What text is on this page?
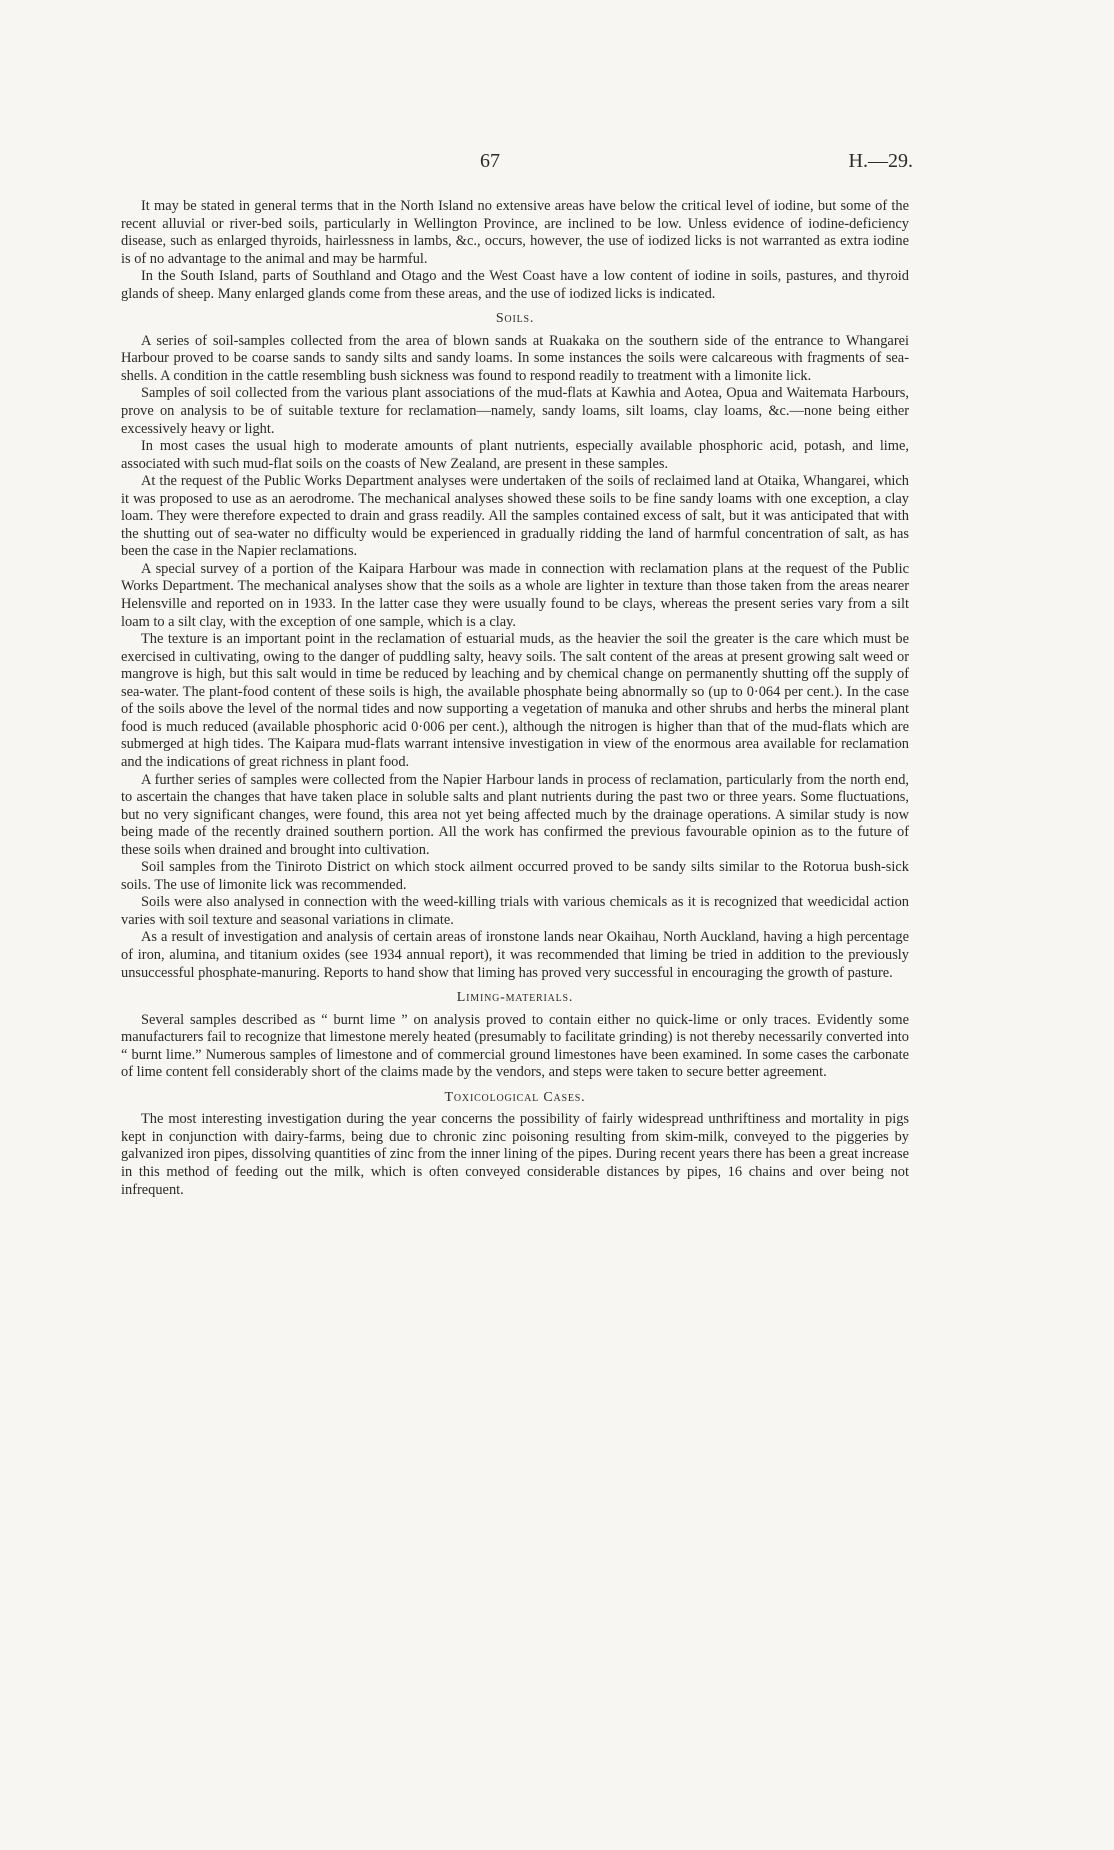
67	H.—29.

It may be stated in general terms that in the North Island no extensive areas have below the critical level of iodine, but some of the recent alluvial or river-bed soils, particularly in Wellington Province, are inclined to be low. Unless evidence of iodine-deficiency disease, such as enlarged thyroids, hairlessness in lambs, &c., occurs, however, the use of iodized licks is not warranted as extra iodine is of no advantage to the animal and may be harmful.

In the South Island, parts of Southland and Otago and the West Coast have a low content of iodine in soils, pastures, and thyroid glands of sheep. Many enlarged glands come from these areas, and the use of iodized licks is indicated.

Soils.

A series of soil-samples collected from the area of blown sands at Ruakaka on the southern side of the entrance to Whangarei Harbour proved to be coarse sands to sandy silts and sandy loams. In some instances the soils were calcareous with fragments of sea-shells. A condition in the cattle resembling bush sickness was found to respond readily to treatment with a limonite lick.

Samples of soil collected from the various plant associations of the mud-flats at Kawhia and Aotea, Opua and Waitemata Harbours, prove on analysis to be of suitable texture for reclamation—namely, sandy loams, silt loams, clay loams, &c.—none being either excessively heavy or light.

In most cases the usual high to moderate amounts of plant nutrients, especially available phosphoric acid, potash, and lime, associated with such mud-flat soils on the coasts of New Zealand, are present in these samples.

At the request of the Public Works Department analyses were undertaken of the soils of reclaimed land at Otaika, Whangarei, which it was proposed to use as an aerodrome. The mechanical analyses showed these soils to be fine sandy loams with one exception, a clay loam. They were therefore expected to drain and grass readily. All the samples contained excess of salt, but it was anticipated that with the shutting out of sea-water no difficulty would be experienced in gradually ridding the land of harmful concentration of salt, as has been the case in the Napier reclamations.

A special survey of a portion of the Kaipara Harbour was made in connection with reclamation plans at the request of the Public Works Department. The mechanical analyses show that the soils as a whole are lighter in texture than those taken from the areas nearer Helensville and reported on in 1933. In the latter case they were usually found to be clays, whereas the present series vary from a silt loam to a silt clay, with the exception of one sample, which is a clay.

The texture is an important point in the reclamation of estuarial muds, as the heavier the soil the greater is the care which must be exercised in cultivating, owing to the danger of puddling salty, heavy soils. The salt content of the areas at present growing salt weed or mangrove is high, but this salt would in time be reduced by leaching and by chemical change on permanently shutting off the supply of sea-water. The plant-food content of these soils is high, the available phosphate being abnormally so (up to 0·064 per cent.). In the case of the soils above the level of the normal tides and now supporting a vegetation of manuka and other shrubs and herbs the mineral plant food is much reduced (available phosphoric acid 0·006 per cent.), although the nitrogen is higher than that of the mud-flats which are submerged at high tides. The Kaipara mud-flats warrant intensive investigation in view of the enormous area available for reclamation and the indications of great richness in plant food.

A further series of samples were collected from the Napier Harbour lands in process of reclamation, particularly from the north end, to ascertain the changes that have taken place in soluble salts and plant nutrients during the past two or three years. Some fluctuations, but no very significant changes, were found, this area not yet being affected much by the drainage operations. A similar study is now being made of the recently drained southern portion. All the work has confirmed the previous favourable opinion as to the future of these soils when drained and brought into cultivation.

Soil samples from the Tiniroto District on which stock ailment occurred proved to be sandy silts similar to the Rotorua bush-sick soils. The use of limonite lick was recommended.

Soils were also analysed in connection with the weed-killing trials with various chemicals as it is recognized that weedicidal action varies with soil texture and seasonal variations in climate.

As a result of investigation and analysis of certain areas of ironstone lands near Okaihau, North Auckland, having a high percentage of iron, alumina, and titanium oxides (see 1934 annual report), it was recommended that liming be tried in addition to the previously unsuccessful phosphate-manuring. Reports to hand show that liming has proved very successful in encouraging the growth of pasture.

Liming-materials.

Several samples described as “ burnt lime ” on analysis proved to contain either no quick-lime or only traces. Evidently some manufacturers fail to recognize that limestone merely heated (presumably to facilitate grinding) is not thereby necessarily converted into “ burnt lime.” Numerous samples of limestone and of commercial ground limestones have been examined. In some cases the carbonate of lime content fell considerably short of the claims made by the vendors, and steps were taken to secure better agreement.

Toxicological Cases.

The most interesting investigation during the year concerns the possibility of fairly widespread unthriftiness and mortality in pigs kept in conjunction with dairy-farms, being due to chronic zinc poisoning resulting from skim-milk, conveyed to the piggeries by galvanized iron pipes, dissolving quantities of zinc from the inner lining of the pipes. During recent years there has been a great increase in this method of feeding out the milk, which is often conveyed considerable distances by pipes, 16 chains and over being not infrequent.
